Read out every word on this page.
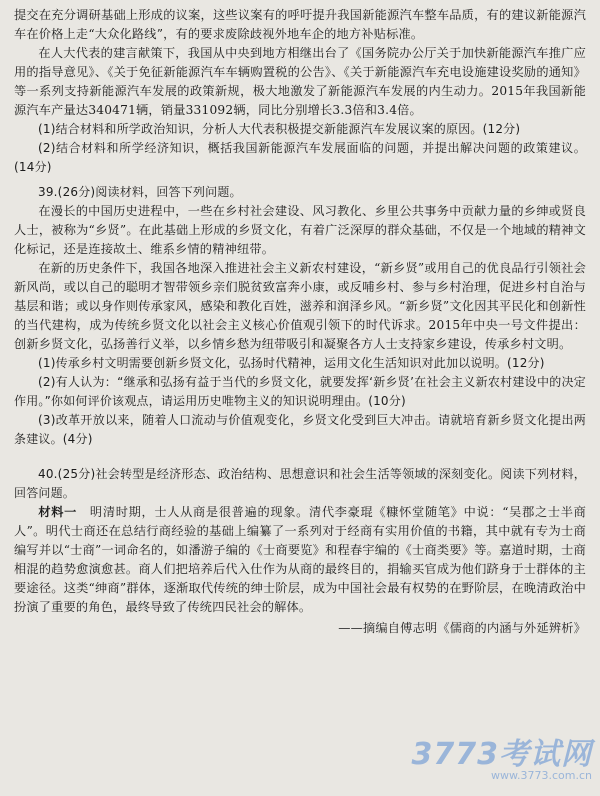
提交在充分调研基础上形成的议案，这些议案有的呼吁提升我国新能源汽车整车品质，有的建议新能源汽车在价格上走“大众化路线”，有的要求废除歧视外地车企的地方补贴标准。

在人大代表的建言献策下，我国从中央到地方相继出台了《国务院办公厅关于加快新能源汽车推广应用的指导意见》、《关于免征新能源汽车车辆购置税的公告》、《关于新能源汽车充电设施建设奖励的通知》等一系列支持新能源汽车发展的政策新规，极大地激发了新能源汽车发展的内生动力。2015年我国新能源汽车产量达340471辆，销量331092辆，同比分别增长3.3倍和3.4倍。

(1)结合材料和所学政治知识，分析人大代表积极提交新能源汽车发展议案的原因。(12分)

(2)结合材料和所学经济知识，概括我国新能源汽车发展面临的问题，并提出解决问题的政策建议。(14分)

39.(26分)阅读材料，回答下列问题。

在漫长的中国历史进程中，一些在乡村社会建设、风习教化、乡里公共事务中贡献力量的乡绅或贤良人士，被称为“乡贤”。在此基础上形成的乡贤文化，有着广泛深厚的群众基础，不仅是一个地域的精神文化标记，还是连接故土、维系乡情的精神纽带。

在新的历史条件下，我国各地深入推进社会主义新农村建设，“新乡贤”或用自己的优良品行引领社会新风尚，或以自己的聪明才智带领乡亲们脱贫致富奔小康，或反哺乡村、参与乡村治理，促进乡村自治与基层和谐；或以身作则传承家风，感染和教化百姓，滋养和润泽乡风。“新乡贤”文化因其平民化和创新性的当代建构，成为传统乡贤文化以社会主义核心价值观引领下的时代诉求。2015年中央一号文件提出：创新乡贤文化，弘扬善行义举，以乡情乡愁为纽带吸引和凝聚各方人士支持家乡建设，传承乡村文明。

(1)传承乡村文明需要创新乡贤文化，弘扬时代精神，运用文化生活知识对此加以说明。(12分)

(2)有人认为：“继承和弘扬有益于当代的乡贤文化，就要发挥‘新乡贤’在社会主义新农村建设中的决定作用。”你如何评价该观点，请运用历史唯物主义的知识说明理由。(10分)

(3)改革开放以来，随着人口流动与价值观变化，乡贤文化受到巨大冲击。请就培育新乡贤文化提出两条建议。(4分)

40.(25分)社会转型是经济形态、政治结构、思想意识和社会生活等领域的深刻变化。阅读下列材料，回答问题。

材料一  明清时期，士人从商是很普遍的现象。清代李豪琨《糠怀堂随笔》中说：“吴郡之士半商人”。明代士商还在总结行商经验的基础上编纂了一系列对于经商有实用价值的书籍，其中就有专为士商编写并以“士商”一词命名的，如潘游子编的《士商要览》和程春宇编的《士商类要》等。嘉道时期，士商相混的趋势愈演愈甚。商人们把培养后代入仕作为从商的最终目的，捐输买官成为他们跻身于士群体的主要途径。这类“绅商”群体，逐渐取代传统的绅士阶层，成为中国社会最有权势的在野阶层，在晚清政治中扮演了重要的角色，最终导致了传统四民社会的解体。

——摘编自傅志明《儒商的内涵与外延辨析》

3773考试网
www.3773.com.cn
